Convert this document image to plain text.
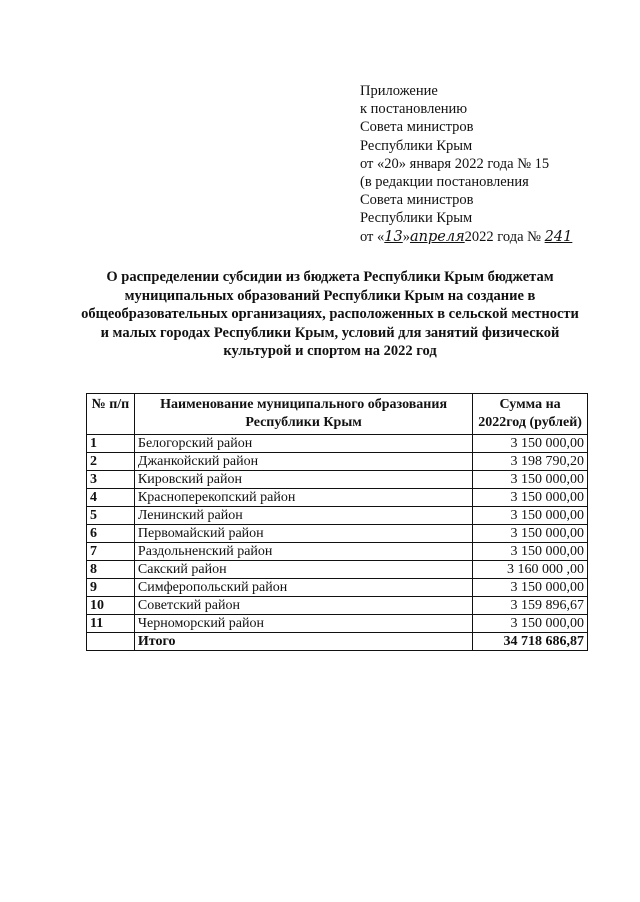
Приложение
к постановлению
Совета министров
Республики Крым
от «20» января 2022 года № 15
(в редакции постановления
Совета министров
Республики Крым
от «13»апреля2022 года № 241
О распределении субсидии из бюджета Республики Крым бюджетам муниципальных образований Республики Крым на создание в общеобразовательных организациях, расположенных в сельской местности и малых городах Республики Крым, условий для занятий физической культурой и спортом на 2022 год
№ п/п	Наименование муниципального образования Республики Крым	Сумма на 2022год (рублей)
1	Белогорский район	3 150 000,00
2	Джанкойский район	3 198 790,20
3	Кировский район	3 150 000,00
4	Красноперекопский район	3 150 000,00
5	Ленинский район	3 150 000,00
6	Первомайский район	3 150 000,00
7	Раздольненский район	3 150 000,00
8	Сакский район	3 160 000 ,00
9	Симферопольский район	3 150 000,00
10	Советский район	3 159 896,67
11	Черноморский район	3 150 000,00
	Итого	34 718 686,87
